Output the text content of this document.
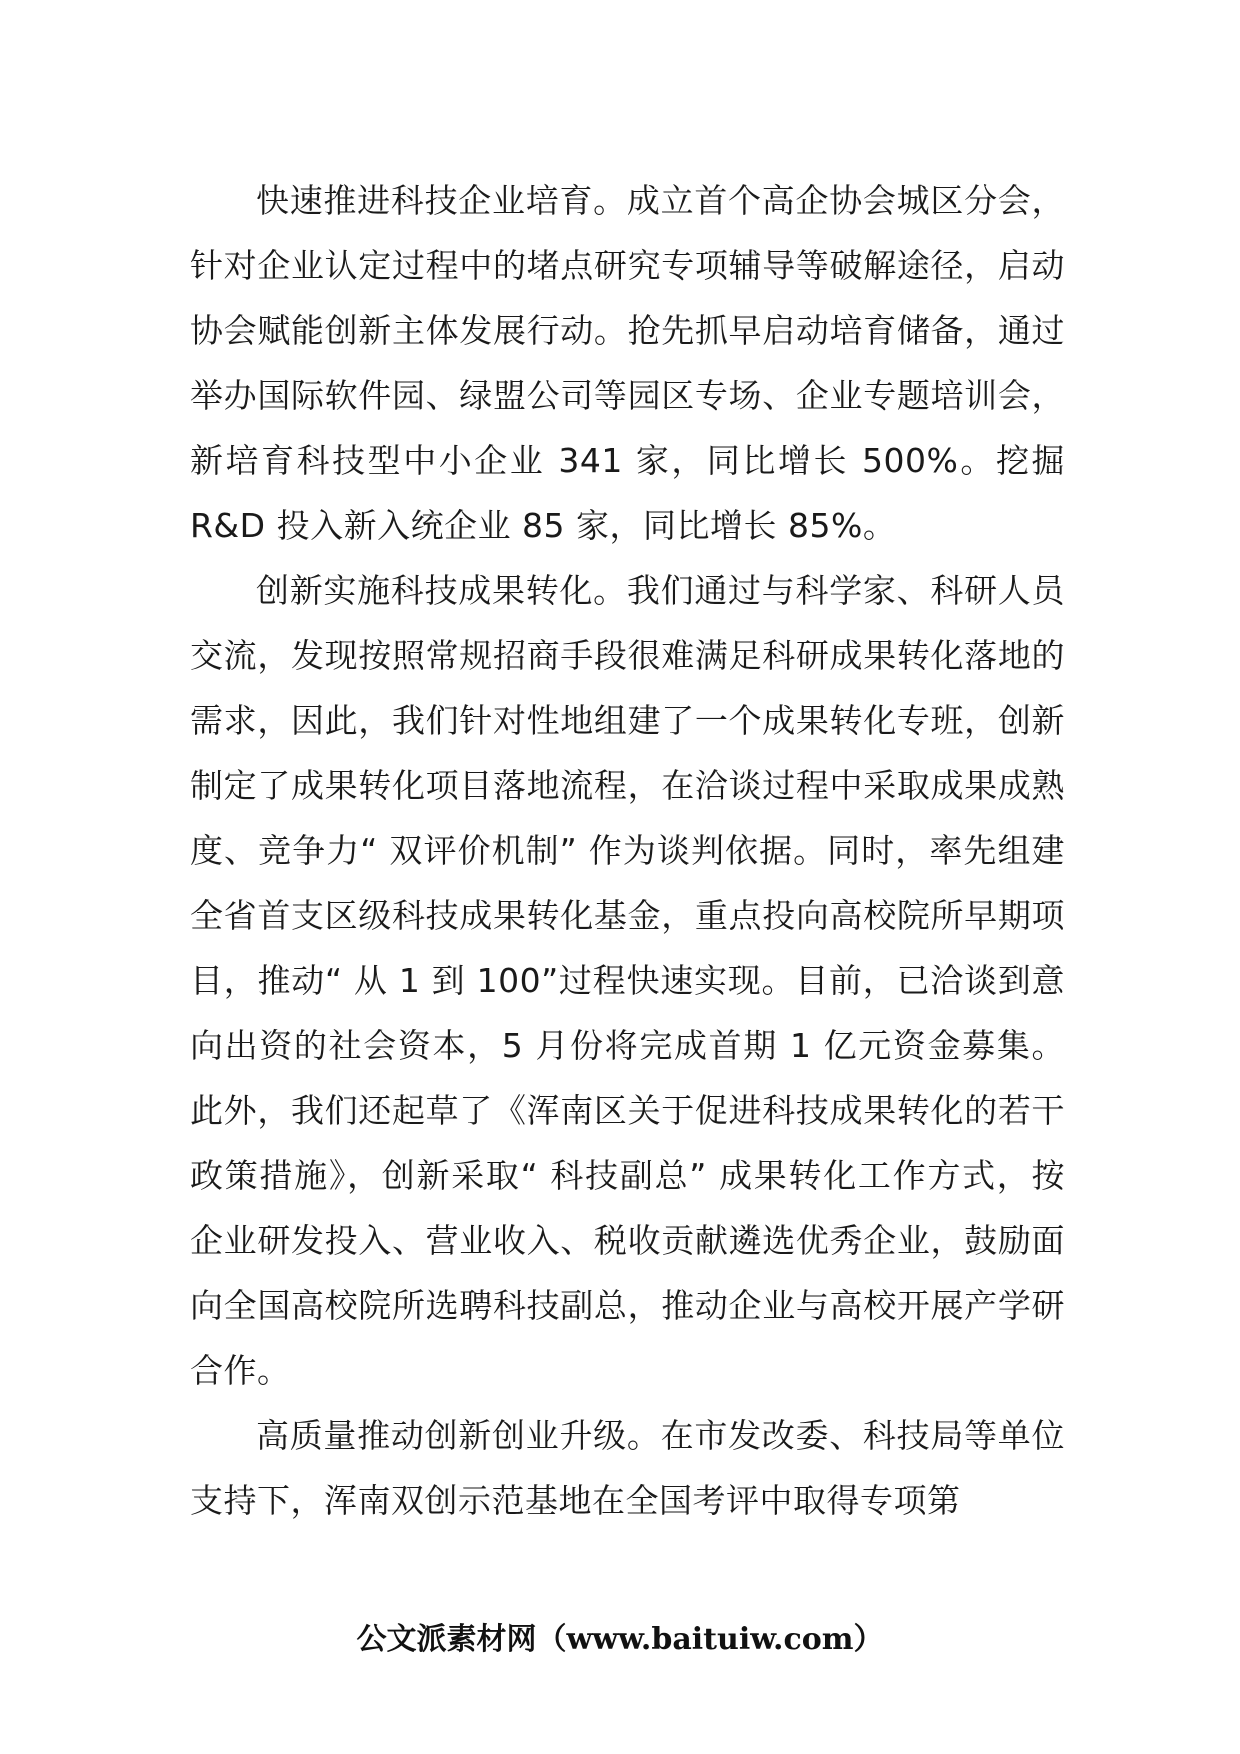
快速推进科技企业培育。成立首个高企协会城区分会，针对企业认定过程中的堵点研究专项辅导等破解途径，启动协会赋能创新主体发展行动。抢先抓早启动培育储备，通过举办国际软件园、绿盟公司等园区专场、企业专题培训会，新培育科技型中小企业 341 家，同比增长 500%。挖掘 R&D 投入新入统企业 85 家，同比增长 85%。

创新实施科技成果转化。我们通过与科学家、科研人员交流，发现按照常规招商手段很难满足科研成果转化落地的需求，因此，我们针对性地组建了一个成果转化专班，创新制定了成果转化项目落地流程，在洽谈过程中采取成果成熟度、竞争力“ 双评价机制” 作为谈判依据。同时，率先组建全省首支区级科技成果转化基金，重点投向高校院所早期项目，推动“ 从 1 到 100”过程快速实现。目前，已洽谈到意向出资的社会资本，5 月份将完成首期 1 亿元资金募集。此外，我们还起草了《浑南区关于促进科技成果转化的若干政策措施》，创新采取“ 科技副总” 成果转化工作方式，按企业研发投入、营业收入、税收贡献遴选优秀企业，鼓励面向全国高校院所选聘科技副总，推动企业与高校开展产学研合作。

高质量推动创新创业升级。在市发改委、科技局等单位支持下，浑南双创示范基地在全国考评中取得专项第

公文派素材网（www.baituiw.com）
